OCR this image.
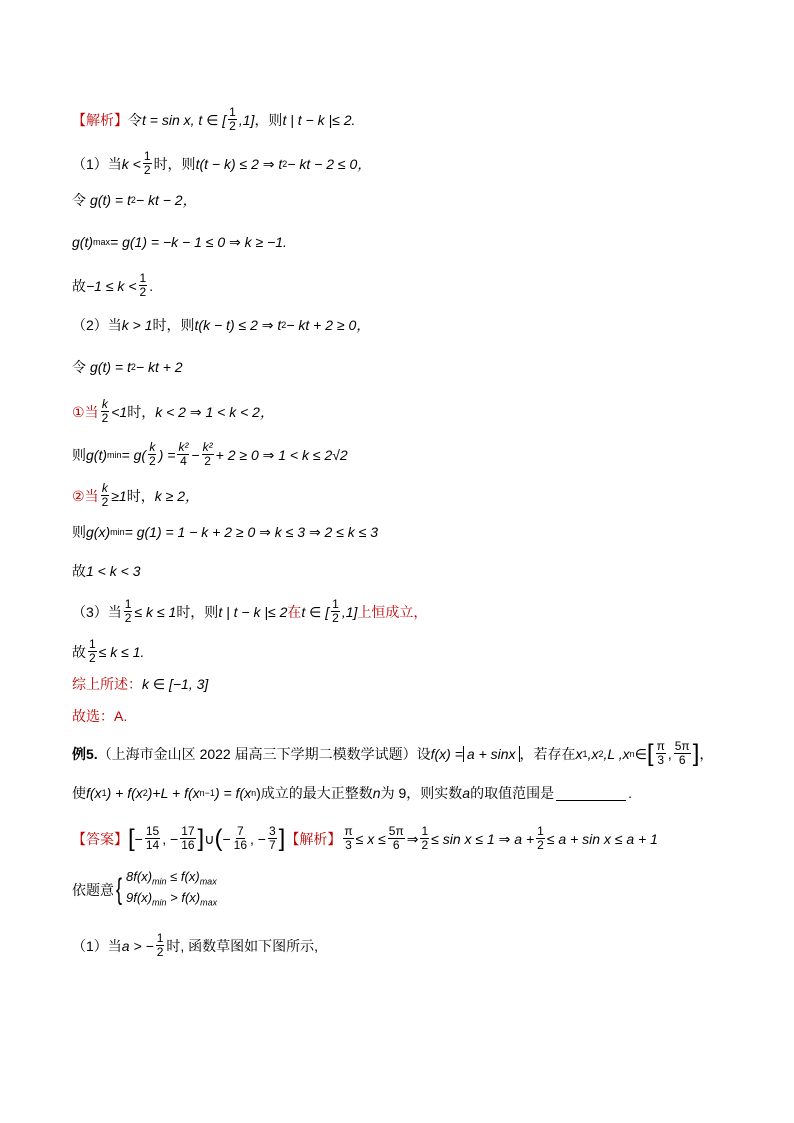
【解析】 令 t = sin x, t ∈ [ $\frac{1}{2} ,1$] ，则 t | t − k |≤ 2.
（1）当 $k < \frac{1}{2}$ 时，则 t(t − k) ≤ 2 ⇒ t 2 − kt − 2 ≤ 0，
令 g(t) = t 2 − kt − 2，
g(t) max = g(1) = −k − 1 ≤ 0 ⇒ k ≥ −1.
故 $-1 \le k < \frac{1}{2}$ .
（2）当 k > 1 时，则 t(k − t) ≤ 2 ⇒ t 2 − kt + 2 ≥ 0，
令 g(t) = t 2 − kt + 2
①当 $\frac{k}{2} <1$ 时， k < 2 ⇒ 1 < k < 2，
则 g(t) $\min = g( \frac{k}{2}$ ) = $\frac{\text{k²}}{4} - \frac{\text{k²}}{2} + 2 \ge 0$ ⇒ 1 < k ≤ 2√2
②当 $\frac{k}{2} \ge 1$ 时， k ≥ 2，
则 g(x) min = g(1) = 1 − k + 2 ≥ 0 ⇒ k ≤ 3 ⇒ 2 ≤ k ≤ 3
故 1 < k < 3
（3）当 $\frac{1}{2} \le k \le 1$ 时，则 t | t − k |≤ 2 在 t ∈ [ $\frac{1}{2} ,1$] 上恒成立，
故 $\frac{1}{2} \le k \le 1$.
综上所述： k ∈ [−1, 3]
故选：A.
例5. （上海市金山区 2022 届高三下学期二模数学试题）设 f(x) = a + sinx ，若存在 x 1 , x 2 ,L ,x n ∈ [ $\frac{\pi}{3}$ , $\frac{5\pi}{6}$ ] ，
使 f(x 1 ) + f(x 2 )+L + f(x n−1 ) = f(x n )成立的最大正整数 n 为 9，则实数 a 的取值范围是	.
【答案】 [ − $\frac{15}{14}$ , − $\frac{17}{16}$ ] ∪ ( − $\frac{7}{16}$ , − $\frac{3}{7}$ ] 【解析】 $\frac{\pi}{3} \le x \le \frac{5\pi}{6}$ ⇒ $\frac{1}{2} \le \sin x \le 1$ ⇒ $a + \frac{1}{2} \le a + \sin x \le a + 1$
依题意 { $8f(x)_{min} \le f(x)_{max}$
$9f(x)_{min} > f(x)_{max}$
（1）当 a > − $\frac{1}{2}$ 时, 函数草图如下图所示,
